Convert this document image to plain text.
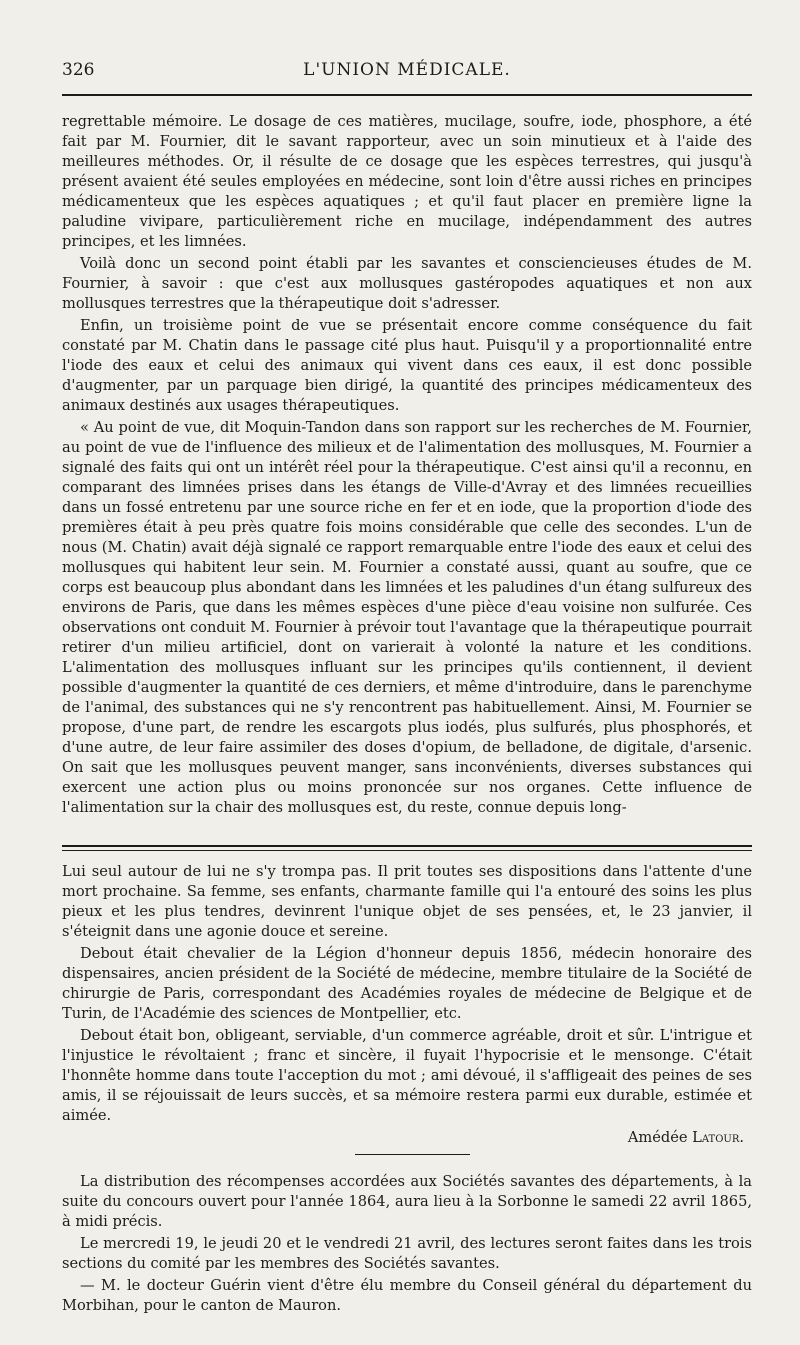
326	L'UNION MÉDICALE.

regrettable mémoire. Le dosage de ces matières, mucilage, soufre, iode, phosphore, a été fait par M. Fournier, dit le savant rapporteur, avec un soin minutieux et à l'aide des meilleures méthodes. Or, il résulte de ce dosage que les espèces terrestres, qui jusqu'à présent avaient été seules employées en médecine, sont loin d'être aussi riches en principes médicamenteux que les espèces aquatiques ; et qu'il faut placer en première ligne la paludine vivipare, particulièrement riche en mucilage, indépendamment des autres principes, et les limnées.

Voilà donc un second point établi par les savantes et consciencieuses études de M. Fournier, à savoir : que c'est aux mollusques gastéropodes aquatiques et non aux mollusques terrestres que la thérapeutique doit s'adresser.

Enfin, un troisième point de vue se présentait encore comme conséquence du fait constaté par M. Chatin dans le passage cité plus haut. Puisqu'il y a proportionnalité entre l'iode des eaux et celui des animaux qui vivent dans ces eaux, il est donc possible d'augmenter, par un parquage bien dirigé, la quantité des principes médicamenteux des animaux destinés aux usages thérapeutiques.

« Au point de vue, dit Moquin-Tandon dans son rapport sur les recherches de M. Fournier, au point de vue de l'influence des milieux et de l'alimentation des mollusques, M. Fournier a signalé des faits qui ont un intérêt réel pour la thérapeutique. C'est ainsi qu'il a reconnu, en comparant des limnées prises dans les étangs de Ville-d'Avray et des limnées recueillies dans un fossé entretenu par une source riche en fer et en iode, que la proportion d'iode des premières était à peu près quatre fois moins considérable que celle des secondes. L'un de nous (M. Chatin) avait déjà signalé ce rapport remarquable entre l'iode des eaux et celui des mollusques qui habitent leur sein. M. Fournier a constaté aussi, quant au soufre, que ce corps est beaucoup plus abondant dans les limnées et les paludines d'un étang sulfureux des environs de Paris, que dans les mêmes espèces d'une pièce d'eau voisine non sulfurée. Ces observations ont conduit M. Fournier à prévoir tout l'avantage que la thérapeutique pourrait retirer d'un milieu artificiel, dont on varierait à volonté la nature et les conditions. L'alimentation des mollusques influant sur les principes qu'ils contiennent, il devient possible d'augmenter la quantité de ces derniers, et même d'introduire, dans le parenchyme de l'animal, des substances qui ne s'y rencontrent pas habituellement. Ainsi, M. Fournier se propose, d'une part, de rendre les escargots plus iodés, plus sulfurés, plus phosphorés, et d'une autre, de leur faire assimiler des doses d'opium, de belladone, de digitale, d'arsenic. On sait que les mollusques peuvent manger, sans inconvénients, diverses substances qui exercent une action plus ou moins prononcée sur nos organes. Cette influence de l'alimentation sur la chair des mollusques est, du reste, connue depuis long-

Lui seul autour de lui ne s'y trompa pas. Il prit toutes ses dispositions dans l'attente d'une mort prochaine. Sa femme, ses enfants, charmante famille qui l'a entouré des soins les plus pieux et les plus tendres, devinrent l'unique objet de ses pensées, et, le 23 janvier, il s'éteignit dans une agonie douce et sereine.

Debout était chevalier de la Légion d'honneur depuis 1856, médecin honoraire des dispensaires, ancien président de la Société de médecine, membre titulaire de la Société de chirurgie de Paris, correspondant des Académies royales de médecine de Belgique et de Turin, de l'Académie des sciences de Montpellier, etc.

Debout était bon, obligeant, serviable, d'un commerce agréable, droit et sûr. L'intrigue et l'injustice le révoltaient ; franc et sincère, il fuyait l'hypocrisie et le mensonge. C'était l'honnête homme dans toute l'acception du mot ; ami dévoué, il s'affligeait des peines de ses amis, il se réjouissait de leurs succès, et sa mémoire restera parmi eux durable, estimée et aimée.

Amédée Latour.

La distribution des récompenses accordées aux Sociétés savantes des départements, à la suite du concours ouvert pour l'année 1864, aura lieu à la Sorbonne le samedi 22 avril 1865, à midi précis.

Le mercredi 19, le jeudi 20 et le vendredi 21 avril, des lectures seront faites dans les trois sections du comité par les membres des Sociétés savantes.

— M. le docteur Guérin vient d'être élu membre du Conseil général du département du Morbihan, pour le canton de Mauron.
